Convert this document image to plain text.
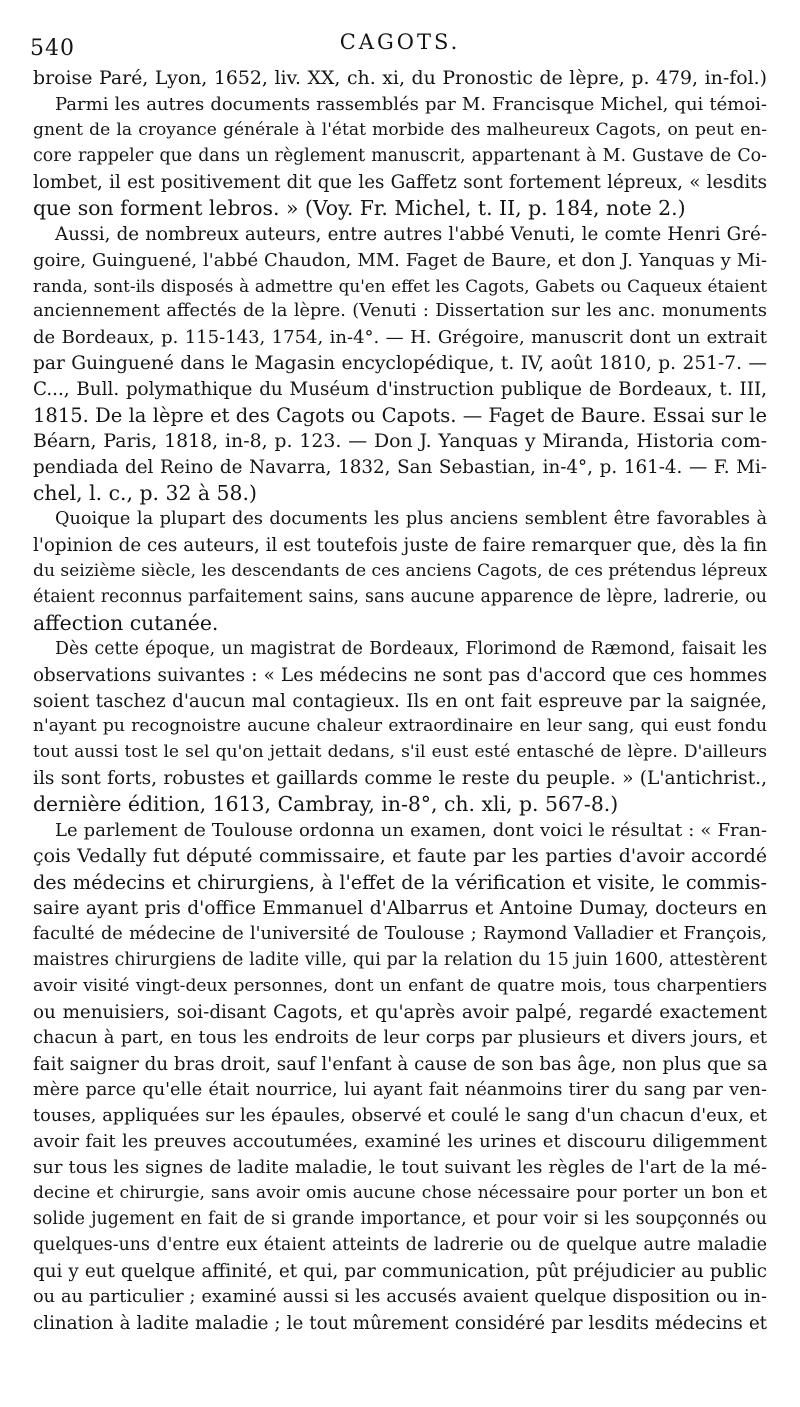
540	CAGOTS.
broise Paré, Lyon, 1652, liv. XX, ch. xi, du Pronostic de lèpre, p. 479, in-fol.)
Parmi les autres documents rassemblés par M. Francisque Michel, qui témoi-
gnent de la croyance générale à l'état morbide des malheureux Cagots, on peut en-
core rappeler que dans un règlement manuscrit, appartenant à M. Gustave de Co-
lombet, il est positivement dit que les Gaffetz sont fortement lépreux, « lesdits
que son forment lebros. » (Voy. Fr. Michel, t. II, p. 184, note 2.)
Aussi, de nombreux auteurs, entre autres l'abbé Venuti, le comte Henri Gré-
goire, Guinguené, l'abbé Chaudon, MM. Faget de Baure, et don J. Yanquas y Mi-
randa, sont-ils disposés à admettre qu'en effet les Cagots, Gabets ou Caqueux étaient
anciennement affectés de la lèpre. (Venuti : Dissertation sur les anc. monuments
de Bordeaux, p. 115-143, 1754, in-4°. — H. Grégoire, manuscrit dont un extrait
par Guinguené dans le Magasin encyclopédique, t. IV, août 1810, p. 251-7. —
C..., Bull. polymathique du Muséum d'instruction publique de Bordeaux, t. III,
1815. De la lèpre et des Cagots ou Capots. — Faget de Baure. Essai sur le
Béarn, Paris, 1818, in-8, p. 123. — Don J. Yanquas y Miranda, Historia com-
pendiada del Reino de Navarra, 1832, San Sebastian, in-4°, p. 161-4. — F. Mi-
chel, l. c., p. 32 à 58.)
Quoique la plupart des documents les plus anciens semblent être favorables à
l'opinion de ces auteurs, il est toutefois juste de faire remarquer que, dès la fin
du seizième siècle, les descendants de ces anciens Cagots, de ces prétendus lépreux
étaient reconnus parfaitement sains, sans aucune apparence de lèpre, ladrerie, ou
affection cutanée.
Dès cette époque, un magistrat de Bordeaux, Florimond de Ræmond, faisait les
observations suivantes : « Les médecins ne sont pas d'accord que ces hommes
soient taschez d'aucun mal contagieux. Ils en ont fait espreuve par la saignée,
n'ayant pu recognoistre aucune chaleur extraordinaire en leur sang, qui eust fondu
tout aussi tost le sel qu'on jettait dedans, s'il eust esté entasché de lèpre. D'ailleurs
ils sont forts, robustes et gaillards comme le reste du peuple. » (L'antichrist.,
dernière édition, 1613, Cambray, in-8°, ch. xli, p. 567-8.)
Le parlement de Toulouse ordonna un examen, dont voici le résultat : « Fran-
çois Vedally fut député commissaire, et faute par les parties d'avoir accordé
des médecins et chirurgiens, à l'effet de la vérification et visite, le commis-
saire ayant pris d'office Emmanuel d'Albarrus et Antoine Dumay, docteurs en
faculté de médecine de l'université de Toulouse ; Raymond Valladier et François,
maistres chirurgiens de ladite ville, qui par la relation du 15 juin 1600, attestèrent
avoir visité vingt-deux personnes, dont un enfant de quatre mois, tous charpentiers
ou menuisiers, soi-disant Cagots, et qu'après avoir palpé, regardé exactement
chacun à part, en tous les endroits de leur corps par plusieurs et divers jours, et
fait saigner du bras droit, sauf l'enfant à cause de son bas âge, non plus que sa
mère parce qu'elle était nourrice, lui ayant fait néanmoins tirer du sang par ven-
touses, appliquées sur les épaules, observé et coulé le sang d'un chacun d'eux, et
avoir fait les preuves accoutumées, examiné les urines et discouru diligemment
sur tous les signes de ladite maladie, le tout suivant les règles de l'art de la mé-
decine et chirurgie, sans avoir omis aucune chose nécessaire pour porter un bon et
solide jugement en fait de si grande importance, et pour voir si les soupçonnés ou
quelques-uns d'entre eux étaient atteints de ladrerie ou de quelque autre maladie
qui y eut quelque affinité, et qui, par communication, pût préjudicier au public
ou au particulier ; examiné aussi si les accusés avaient quelque disposition ou in-
clination à ladite maladie ; le tout mûrement considéré par lesdits médecins et
